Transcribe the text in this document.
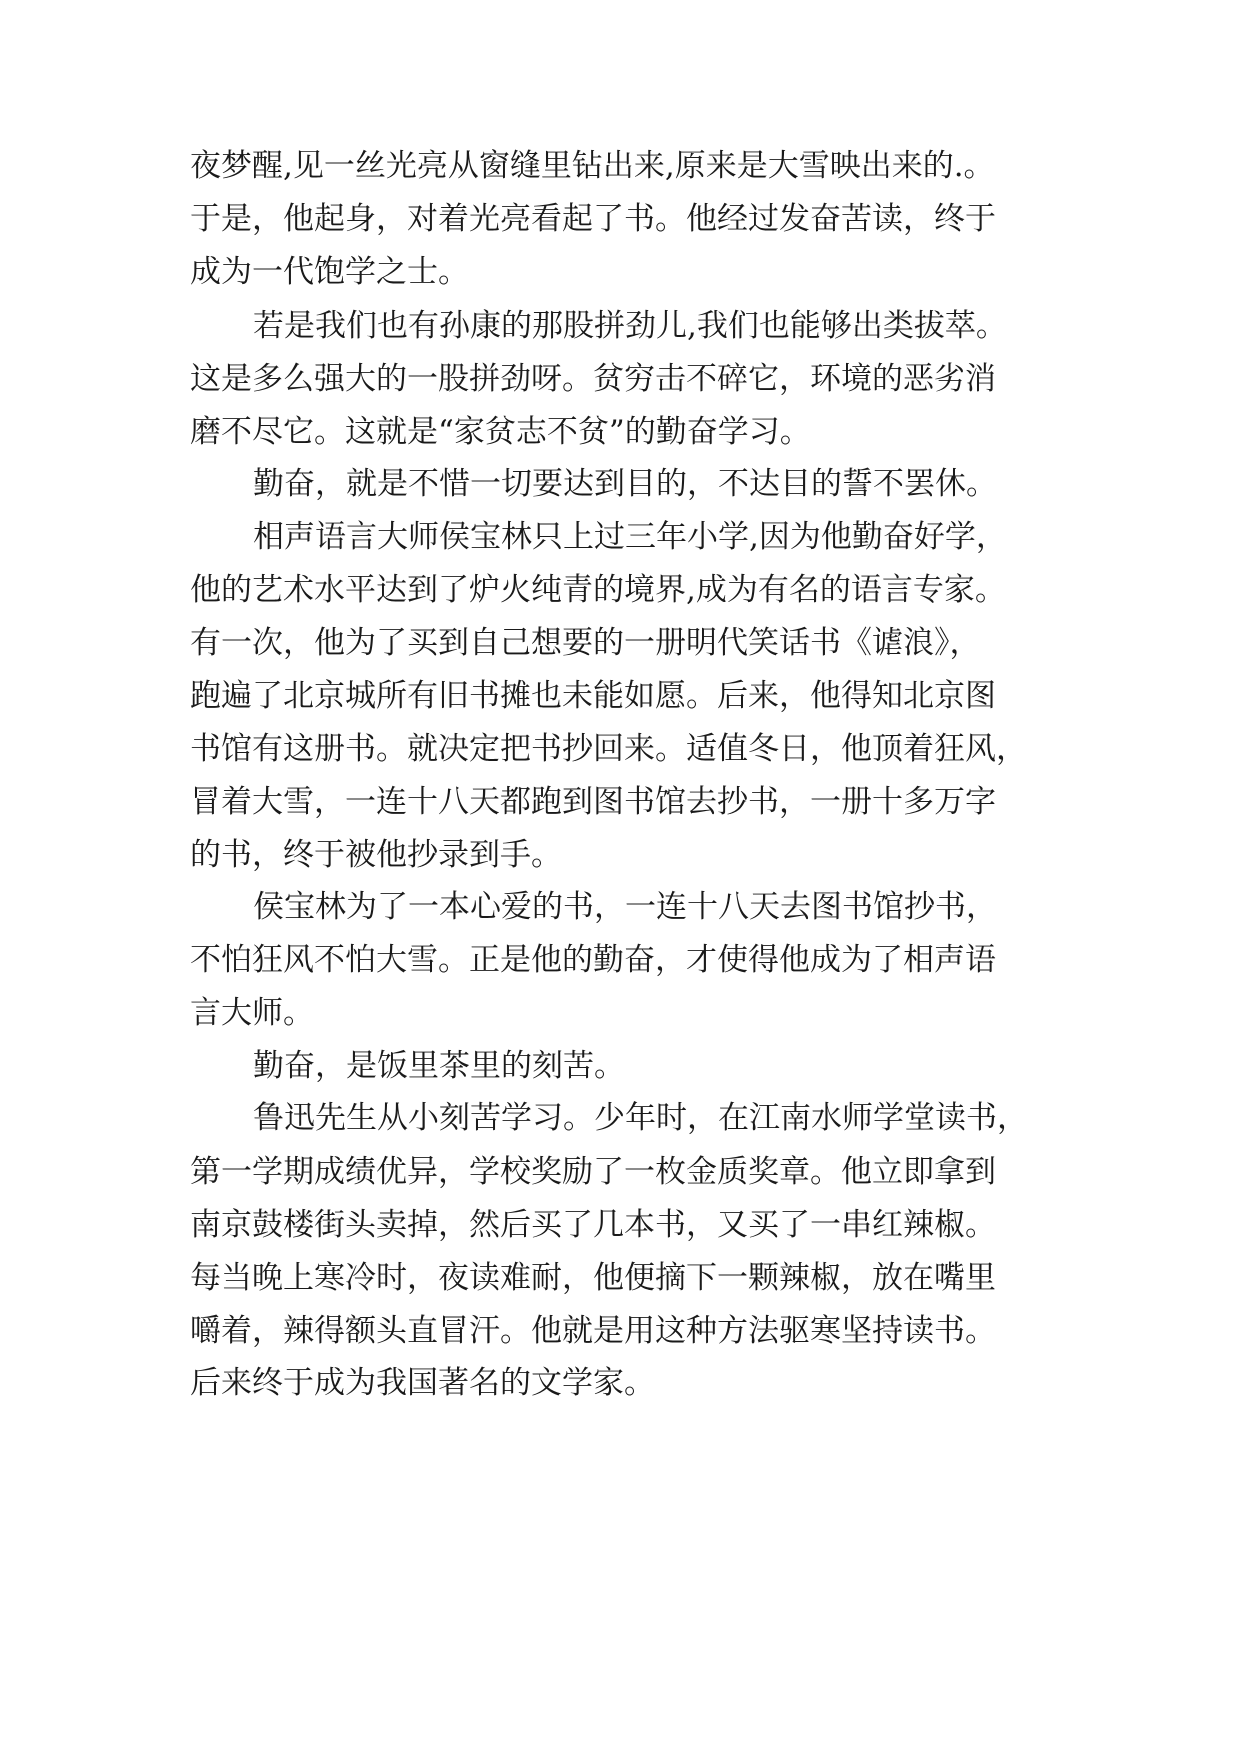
夜梦醒,见一丝光亮从窗缝里钻出来,原来是大雪映出来的.。
于是，他起身，对着光亮看起了书。他经过发奋苦读，终于
成为一代饱学之士。
若是我们也有孙康的那股拼劲儿,我们也能够出类拔萃。
这是多么强大的一股拼劲呀。贫穷击不碎它，环境的恶劣消
磨不尽它。这就是“家贫志不贫”的勤奋学习。
勤奋，就是不惜一切要达到目的，不达目的誓不罢休。
相声语言大师侯宝林只上过三年小学,因为他勤奋好学，
他的艺术水平达到了炉火纯青的境界,成为有名的语言专家。
有一次，他为了买到自己想要的一册明代笑话书《谑浪》，
跑遍了北京城所有旧书摊也未能如愿。后来，他得知北京图
书馆有这册书。就决定把书抄回来。适值冬日，他顶着狂风，
冒着大雪，一连十八天都跑到图书馆去抄书，一册十多万字
的书，终于被他抄录到手。
侯宝林为了一本心爱的书，一连十八天去图书馆抄书，
不怕狂风不怕大雪。正是他的勤奋，才使得他成为了相声语
言大师。
勤奋，是饭里茶里的刻苦。
鲁迅先生从小刻苦学习。少年时，在江南水师学堂读书，
第一学期成绩优异，学校奖励了一枚金质奖章。他立即拿到
南京鼓楼街头卖掉，然后买了几本书，又买了一串红辣椒。
每当晚上寒冷时，夜读难耐，他便摘下一颗辣椒，放在嘴里
嚼着，辣得额头直冒汗。他就是用这种方法驱寒坚持读书。
后来终于成为我国著名的文学家。
